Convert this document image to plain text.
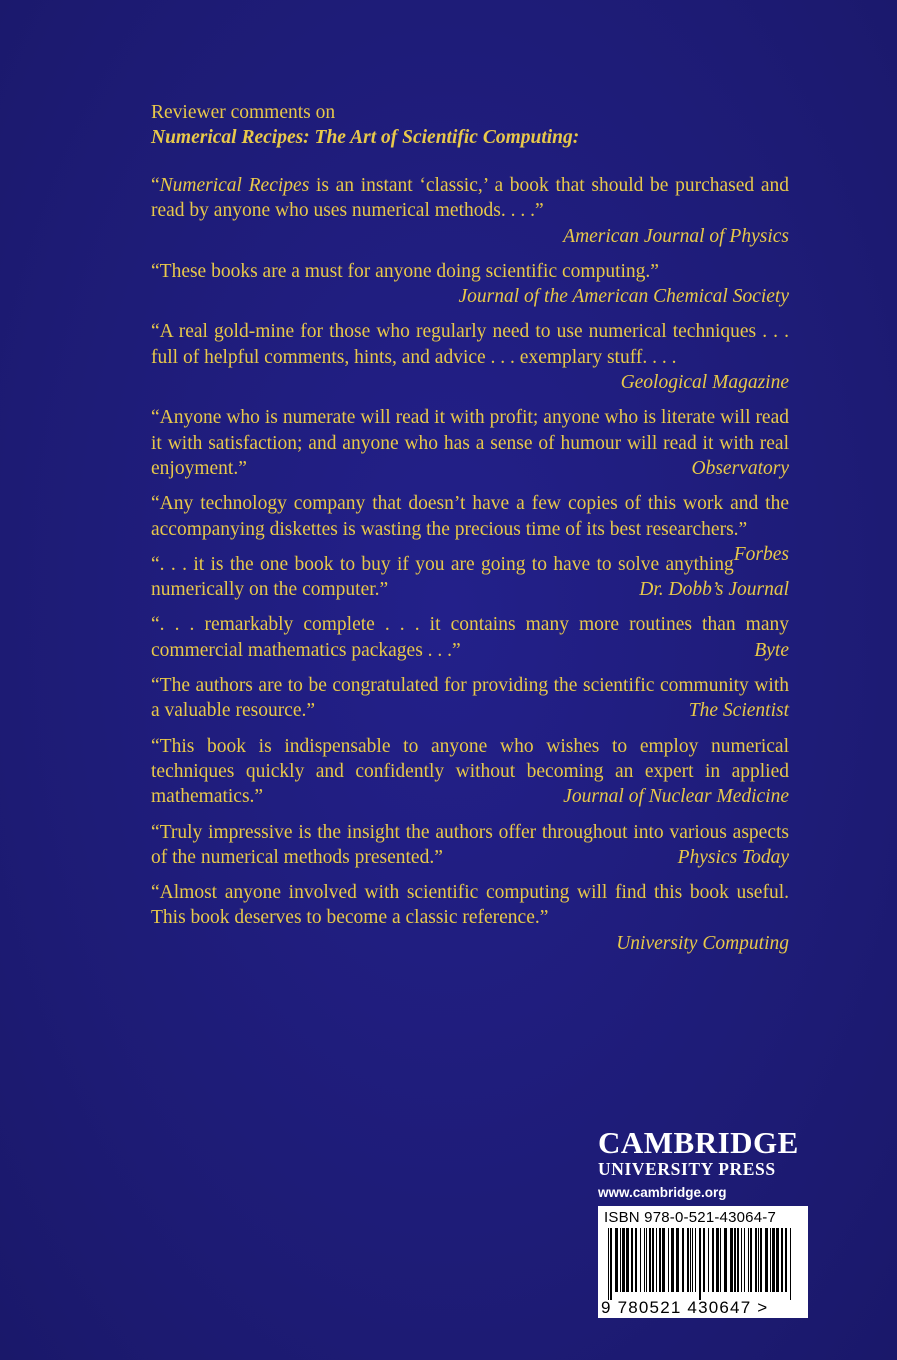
Reviewer comments on
Numerical Recipes: The Art of Scientific Computing:
“Numerical Recipes is an instant ‘classic,’ a book that should be purchased and read by anyone who uses numerical methods. . . .”
American Journal of Physics
“These books are a must for anyone doing scientific computing.”
Journal of the American Chemical Society
“A real gold-mine for those who regularly need to use numerical techniques . . . full of helpful comments, hints, and advice . . . exemplary stuff. . . .
Geological Magazine
“Anyone who is numerate will read it with profit; anyone who is literate will read it with satisfaction; and anyone who has a sense of humour will read it with real enjoyment.”	Observatory
“Any technology company that doesn’t have a few copies of this work and the accompanying diskettes is wasting the precious time of its best researchers.”
Forbes
“. . . it is the one book to buy if you are going to have to solve anything numerically on the computer.”	Dr. Dobb’s Journal
“. . . remarkably complete . . . it contains many more routines than many commercial mathematics packages . . .”	Byte
“The authors are to be congratulated for providing the scientific community with a valuable resource.”	The Scientist
“This book is indispensable to anyone who wishes to employ numerical techniques quickly and confidently without becoming an expert in applied mathematics.”	Journal of Nuclear Medicine
“Truly impressive is the insight the authors offer throughout into various aspects of the numerical methods presented.”	Physics Today
“Almost anyone involved with scientific computing will find this book useful. This book deserves to become a classic reference.”
University Computing
CAMBRIDGE
UNIVERSITY PRESS
www.cambridge.org
ISBN 978-0-521-43064-7
9 780521 430647 >
